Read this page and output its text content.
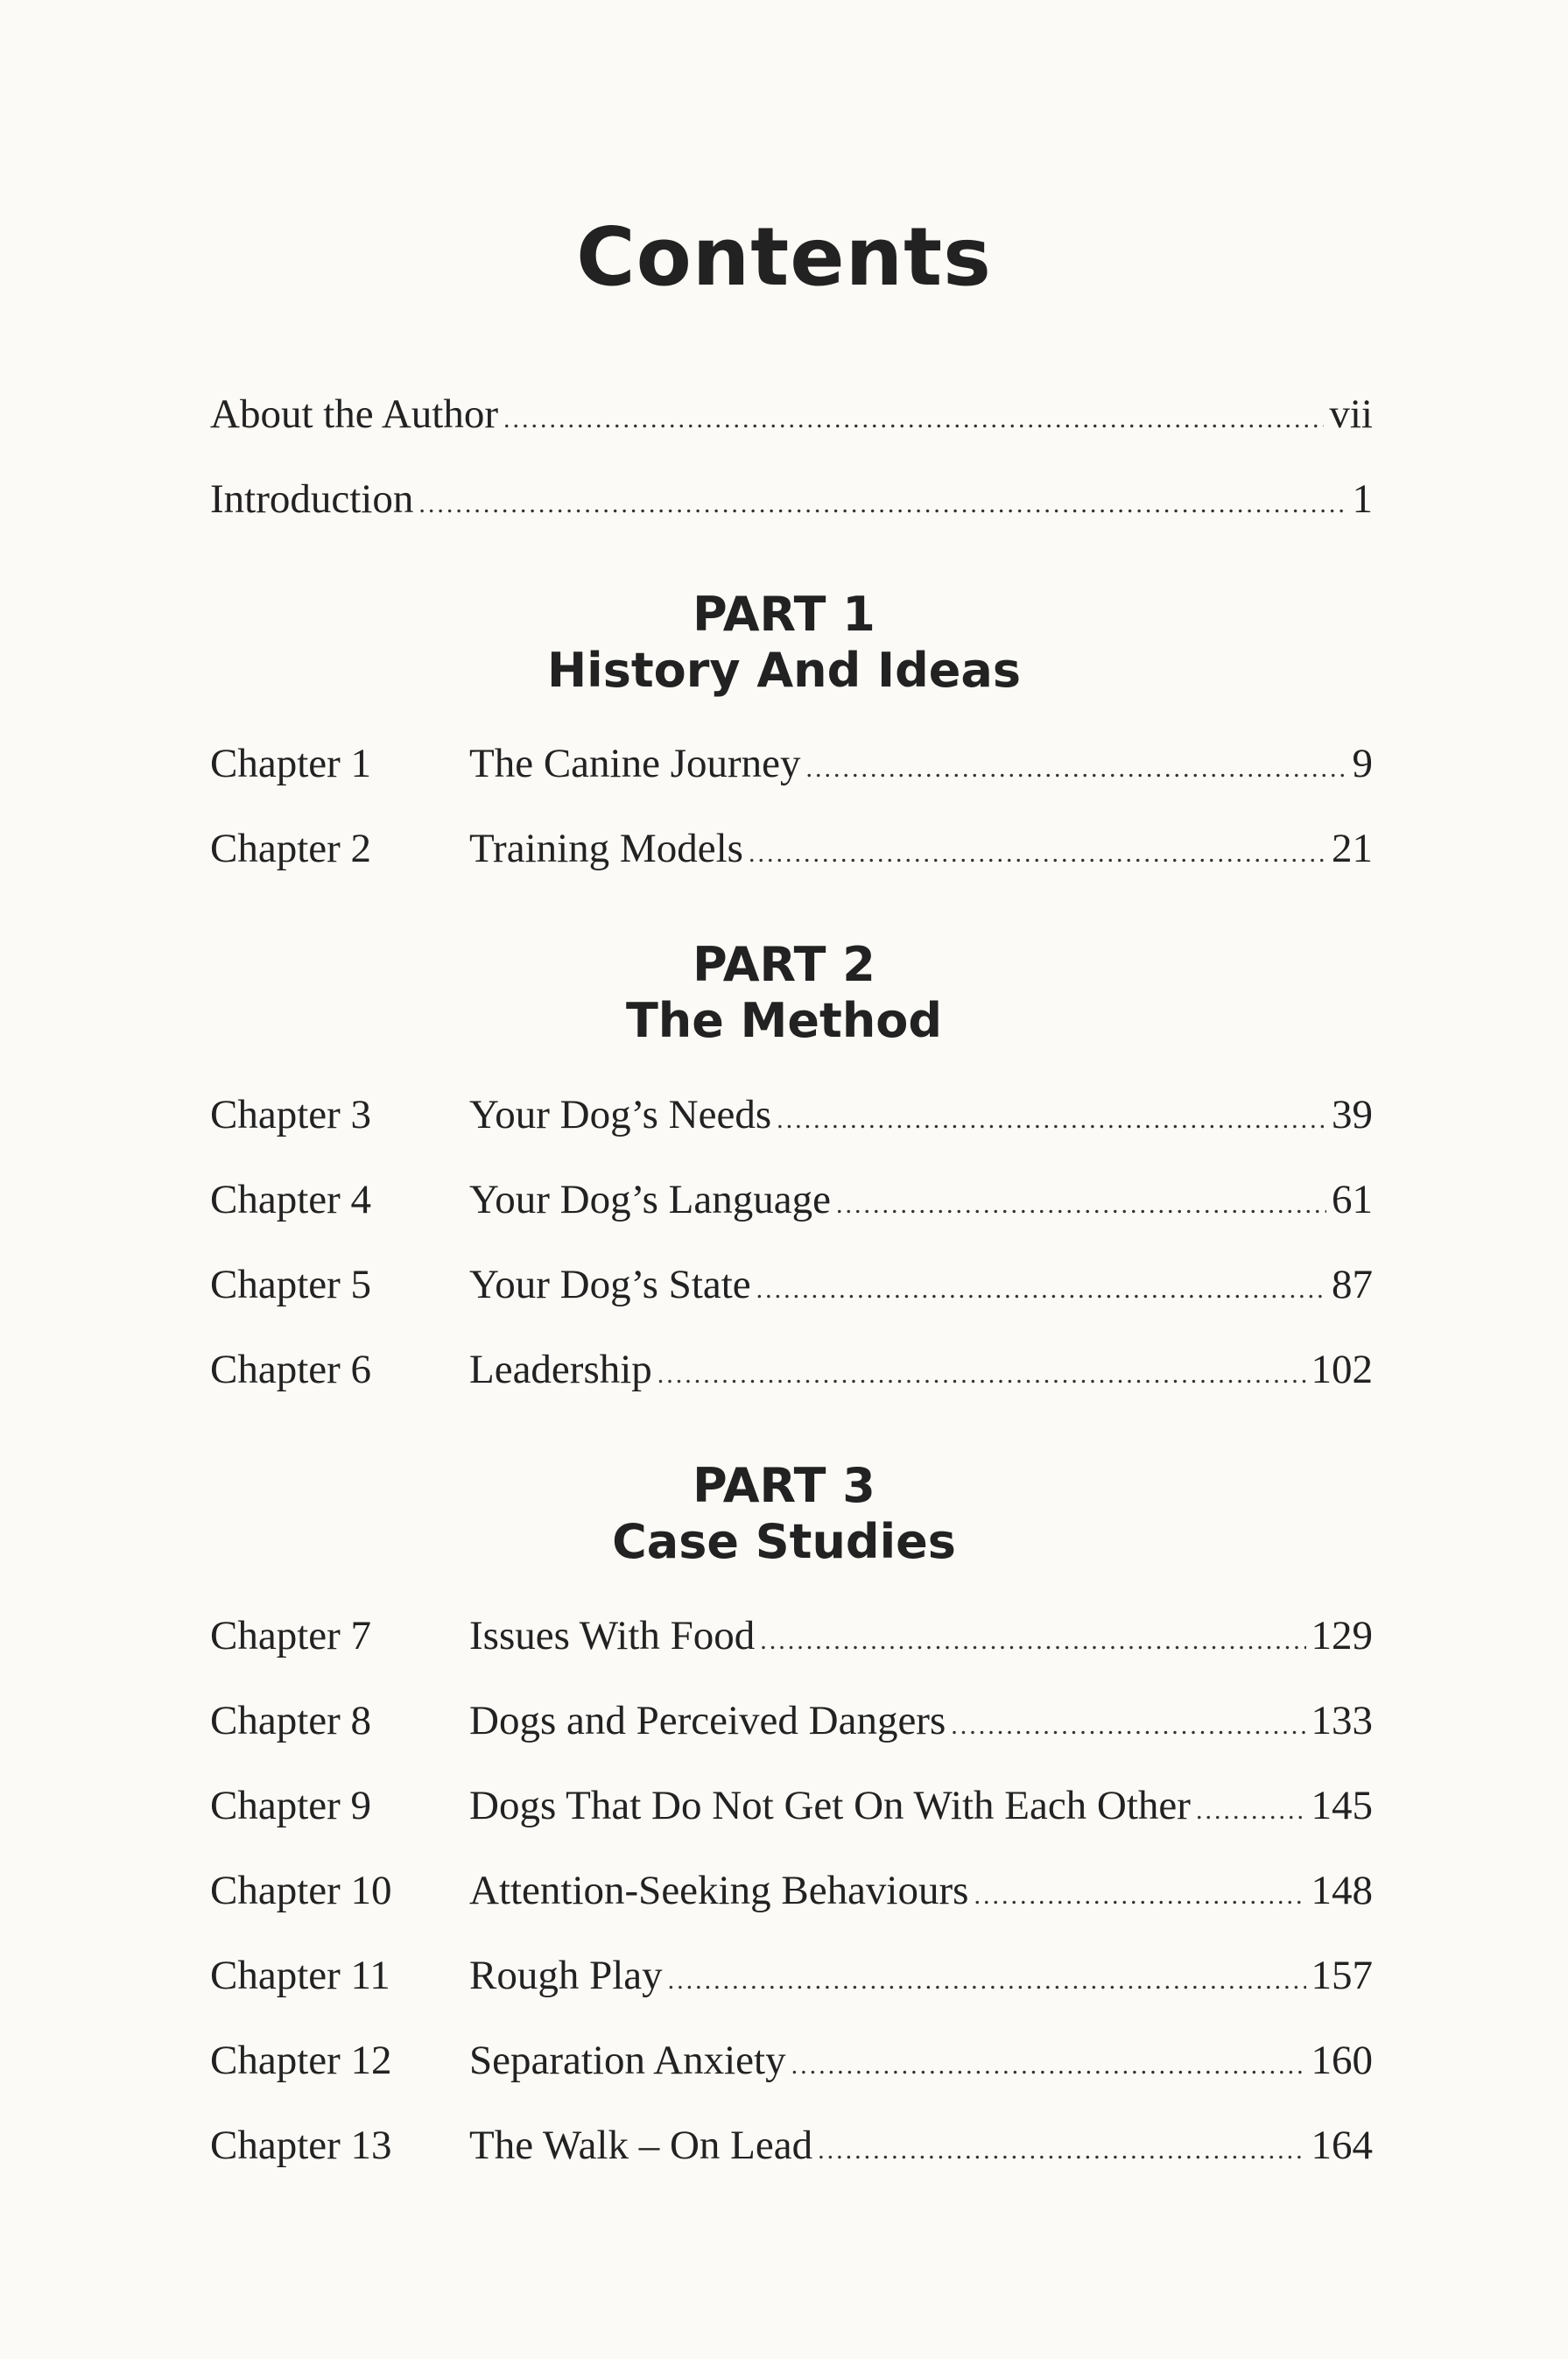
Contents
About the Author .....	vii
Introduction .....	1
PART 1
History And Ideas
Chapter 1	The Canine Journey .....	9
Chapter 2	Training Models .....	21
PART 2
The Method
Chapter 3	Your Dog’s Needs .....	39
Chapter 4	Your Dog’s Language .....	61
Chapter 5	Your Dog’s State .....	87
Chapter 6	Leadership .....	102
PART 3
Case Studies
Chapter 7	Issues With Food .....	129
Chapter 8	Dogs and Perceived Dangers .....	133
Chapter 9	Dogs That Do Not Get On With Each Other .....	145
Chapter 10	Attention-Seeking Behaviours .....	148
Chapter 11	Rough Play .....	157
Chapter 12	Separation Anxiety .....	160
Chapter 13	The Walk – On Lead .....	164
